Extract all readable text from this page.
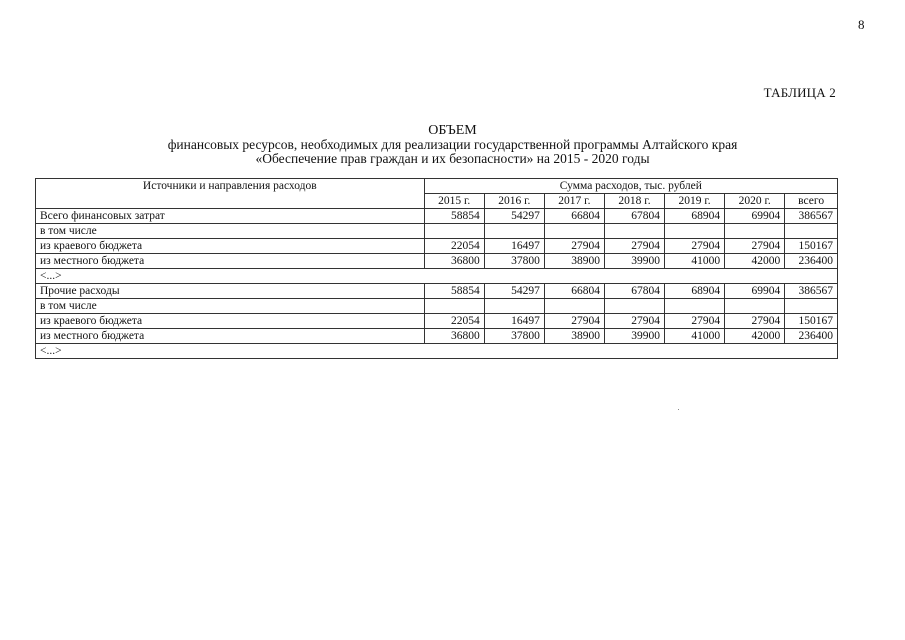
8
ТАБЛИЦА 2
ОБЪЕМ
финансовых ресурсов, необходимых для реализации государственной программы Алтайского края
«Обеспечение прав граждан и их безопасности» на 2015 - 2020 годы
Источники и направления расходов	Сумма расходов, тыс. рублей						
	2015 г.	2016 г.	2017 г.	2018 г.	2019 г.	2020 г.	всего
Всего финансовых затрат	58854	54297	66804	67804	68904	69904	386567
в том числе							
из краевого бюджета	22054	16497	27904	27904	27904	27904	150167
из местного бюджета	36800	37800	38900	39900	41000	42000	236400
<...>							
Прочие расходы	58854	54297	66804	67804	68904	69904	386567
в том числе							
из краевого бюджета	22054	16497	27904	27904	27904	27904	150167
из местного бюджета	36800	37800	38900	39900	41000	42000	236400
<...>							
